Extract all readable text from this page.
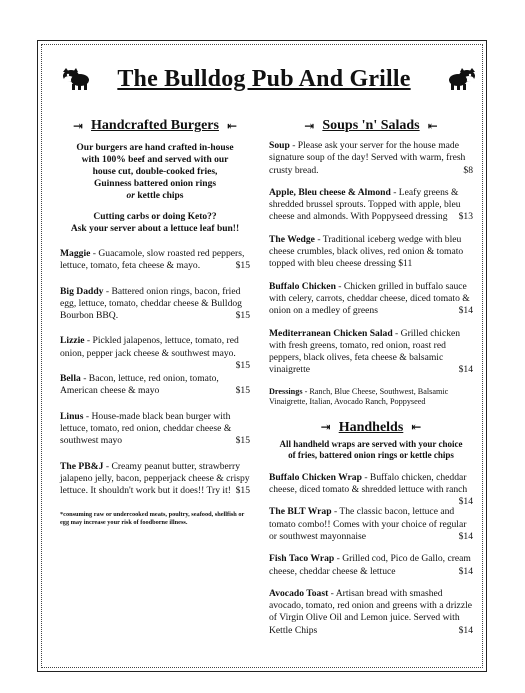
The Bulldog Pub And Grille
⇥ Handcrafted Burgers ⇤
Our burgers are hand crafted in-house
with 100% beef and served with our
house cut, double-cooked fries,
Guinness battered onion rings
or kettle chips
Cutting carbs or doing Keto??
Ask your server about a lettuce leaf bun!!
Maggie - Guacamole, slow roasted red peppers, lettuce, tomato, feta cheese & mayo.	$15
Big Daddy - Battered onion rings, bacon, fried egg, lettuce, tomato, cheddar cheese & Bulldog Bourbon BBQ.	$15
Lizzie - Pickled jalapenos, lettuce, tomato, red onion, pepper jack cheese & southwest mayo.
$15
Bella - Bacon, lettuce, red onion, tomato, American cheese & mayo	$15
Linus - House-made black bean burger with lettuce, tomato, red onion, cheddar cheese & southwest mayo	$15
The PB&J - Creamy peanut butter, strawberry jalapeno jelly, bacon, pepperjack cheese & crispy lettuce. It shouldn't work but it does!! Try it! $15
*consuming raw or undercooked meats, poultry, seafood, shellfish or egg may increase your risk of foodborne illness.
⇥ Soups 'n' Salads ⇤
Soup - Please ask your server for the house made signature soup of the day! Served with warm, fresh crusty bread.	$8
Apple, Bleu cheese & Almond - Leafy greens & shredded brussel sprouts. Topped with apple, bleu cheese and almonds. With Poppyseed dressing $13
The Wedge - Traditional iceberg wedge with bleu cheese crumbles, black olives, red onion & tomato topped with bleu cheese dressing $11
Buffalo Chicken - Chicken grilled in buffalo sauce with celery, carrots, cheddar cheese, diced tomato & onion on a medley of greens	$14
Mediterranean Chicken Salad - Grilled chicken with fresh greens, tomato, red onion, roast red peppers, black olives, feta cheese & balsamic vinaigrette	$14
Dressings - Ranch, Blue Cheese, Southwest, Balsamic Vinaigrette, Italian, Avocado Ranch, Poppyseed
⇥ Handhelds ⇤
All handheld wraps are served with your choice
of fries, battered onion rings or kettle chips
Buffalo Chicken Wrap - Buffalo chicken, cheddar cheese, diced tomato & shredded lettuce with ranch
$14
The BLT Wrap - The classic bacon, lettuce and tomato combo!! Comes with your choice of regular or southwest mayonnaise	$14
Fish Taco Wrap - Grilled cod, Pico de Gallo, cream cheese, cheddar cheese & lettuce	$14
Avocado Toast - Artisan bread with smashed avocado, tomato, red onion and greens with a drizzle of Virgin Olive Oil and Lemon juice. Served with Kettle Chips	$14
